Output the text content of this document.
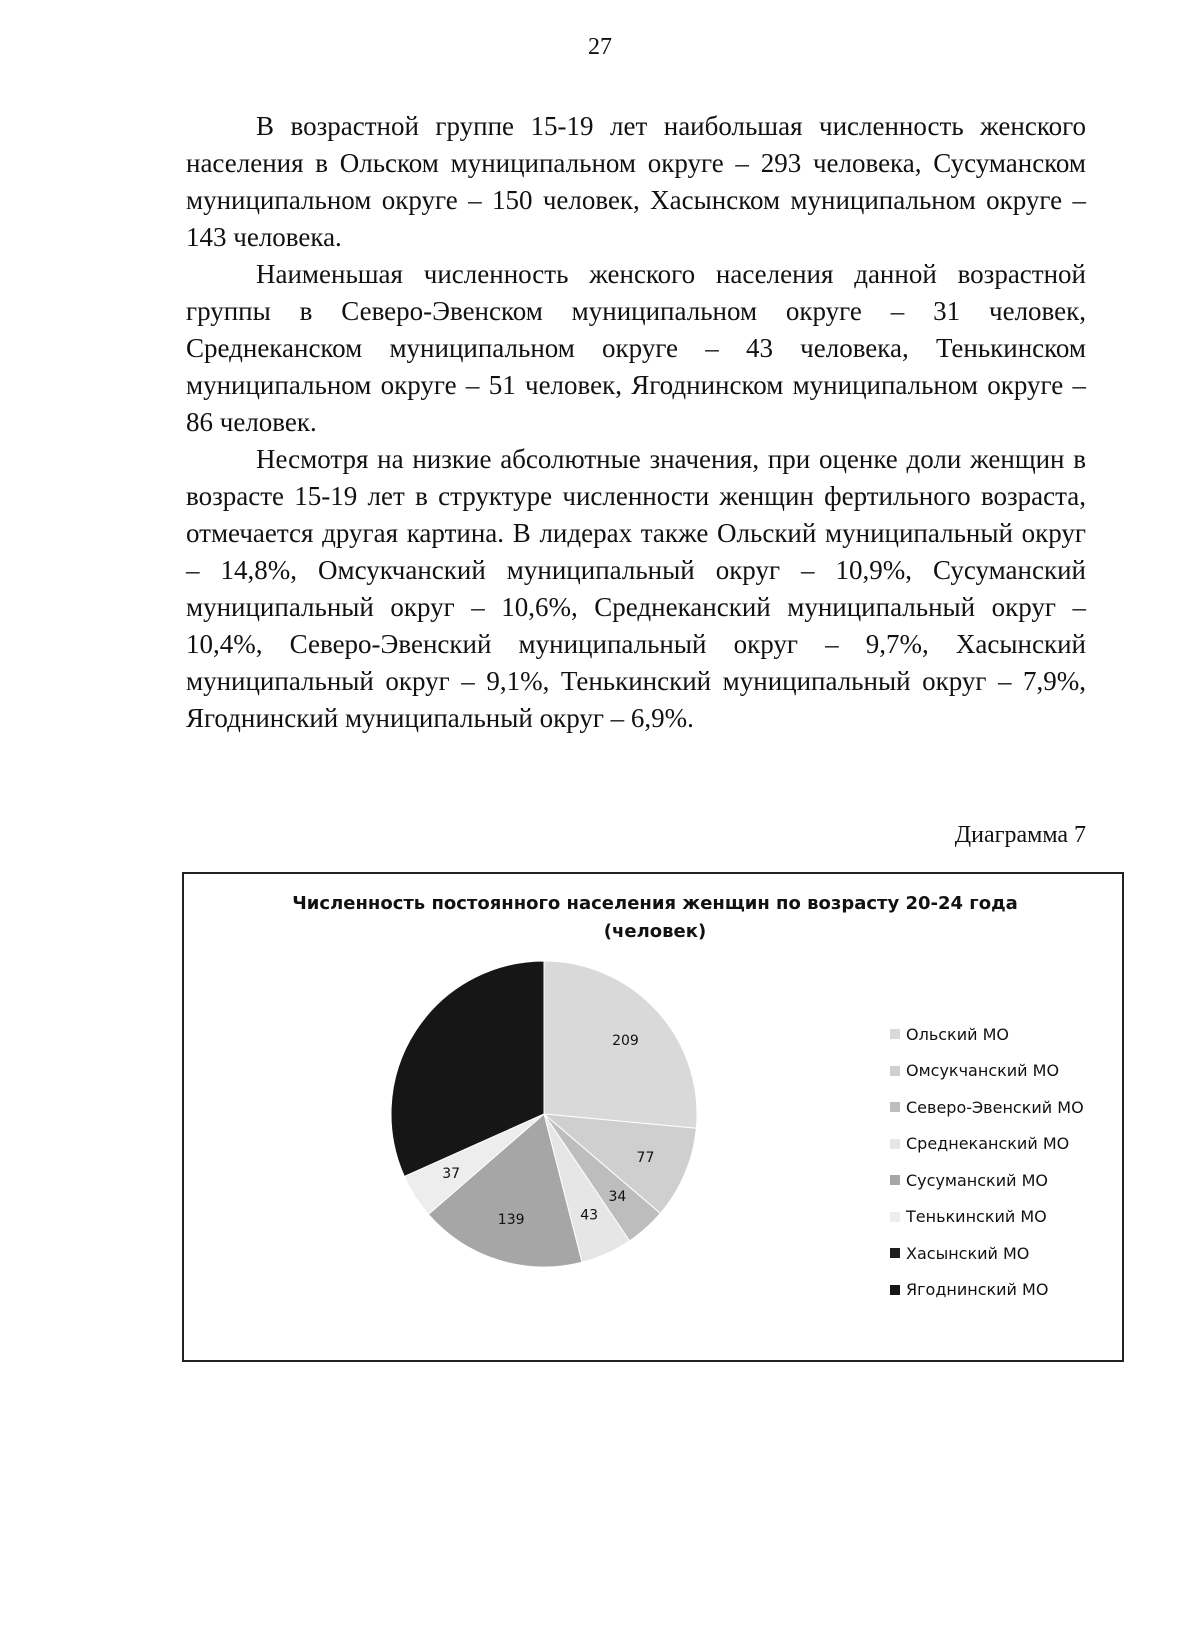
27

В возрастной группе 15-19 лет наибольшая численность женского населения в Ольском муниципальном округе – 293 человека, Сусуманском муниципальном округе – 150 человек, Хасынском муниципальном округе – 143 человека.

Наименьшая численность женского населения данной возрастной группы в Северо-Эвенском муниципальном округе – 31 человек, Среднеканском муниципальном округе – 43 человека, Тенькинском муниципальном округе – 51 человек, Ягоднинском муниципальном округе – 86 человек.

Несмотря на низкие абсолютные значения, при оценке доли женщин в возрасте 15-19 лет в структуре численности женщин фертильного возраста, отмечается другая картина. В лидерах также Ольский муниципальный округ – 14,8%, Омсукчанский муниципальный округ – 10,9%, Сусуманский муниципальный округ – 10,6%, Среднеканский муниципальный округ – 10,4%, Северо-Эвенский муниципальный округ – 9,7%, Хасынский муниципальный округ – 9,1%, Тенькинский муниципальный округ – 7,9%, Ягоднинский муниципальный округ – 6,9%.

Диаграмма 7
Численность постоянного населения женщин по возрасту 20-24 года
(человек)
209
77
34
43
139
37
Ольский МО
Омсукчанский МО
Северо-Эвенский МО
Среднеканский МО
Сусуманский МО
Тенькинский МО
Хасынский МО
Ягоднинский МО
